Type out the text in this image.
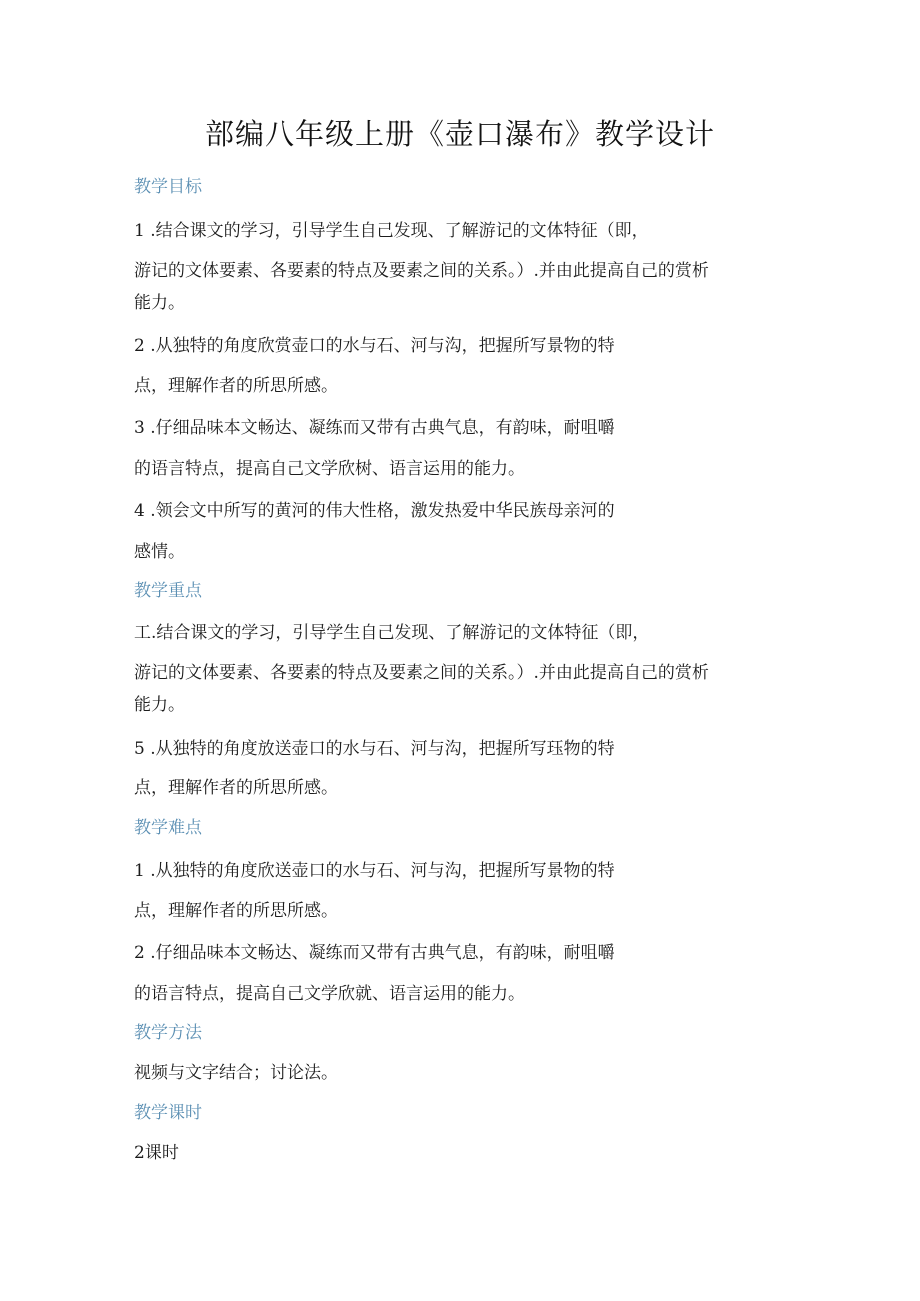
部编八年级上册《壶口瀑布》教学设计
教学目标
1 .结合课文的学习，引导学生自己发现、了解游记的文体特征（即，
游记的文体要素、各要素的特点及要素之间的关系。）.并由此提高自己的赏析
能力。
2 .从独特的角度欣赏壶口的水与石、河与沟，把握所写景物的特
点，理解作者的所思所感。
3 .仔细品味本文畅达、凝练而又带有古典气息，有韵味，耐咀嚼
的语言特点，提高自己文学欣树、语言运用的能力。
4 .领会文中所写的黄河的伟大性格，激发热爱中华民族母亲河的
感情。
教学重点
工.结合课文的学习，引导学生自己发现、了解游记的文体特征（即，
游记的文体要素、各要素的特点及要素之间的关系。）.并由此提高自己的赏析
能力。
5 .从独特的角度放送壶口的水与石、河与沟，把握所写珏物的特
点，理解作者的所思所感。
教学难点
1 .从独特的角度欣送壶口的水与石、河与沟，把握所写景物的特
点，理解作者的所思所感。
2 .仔细品味本文畅达、凝练而又带有古典气息，有韵味，耐咀嚼
的语言特点，提高自己文学欣就、语言运用的能力。
教学方法
视频与文字结合；讨论法。
教学课时
2课时
